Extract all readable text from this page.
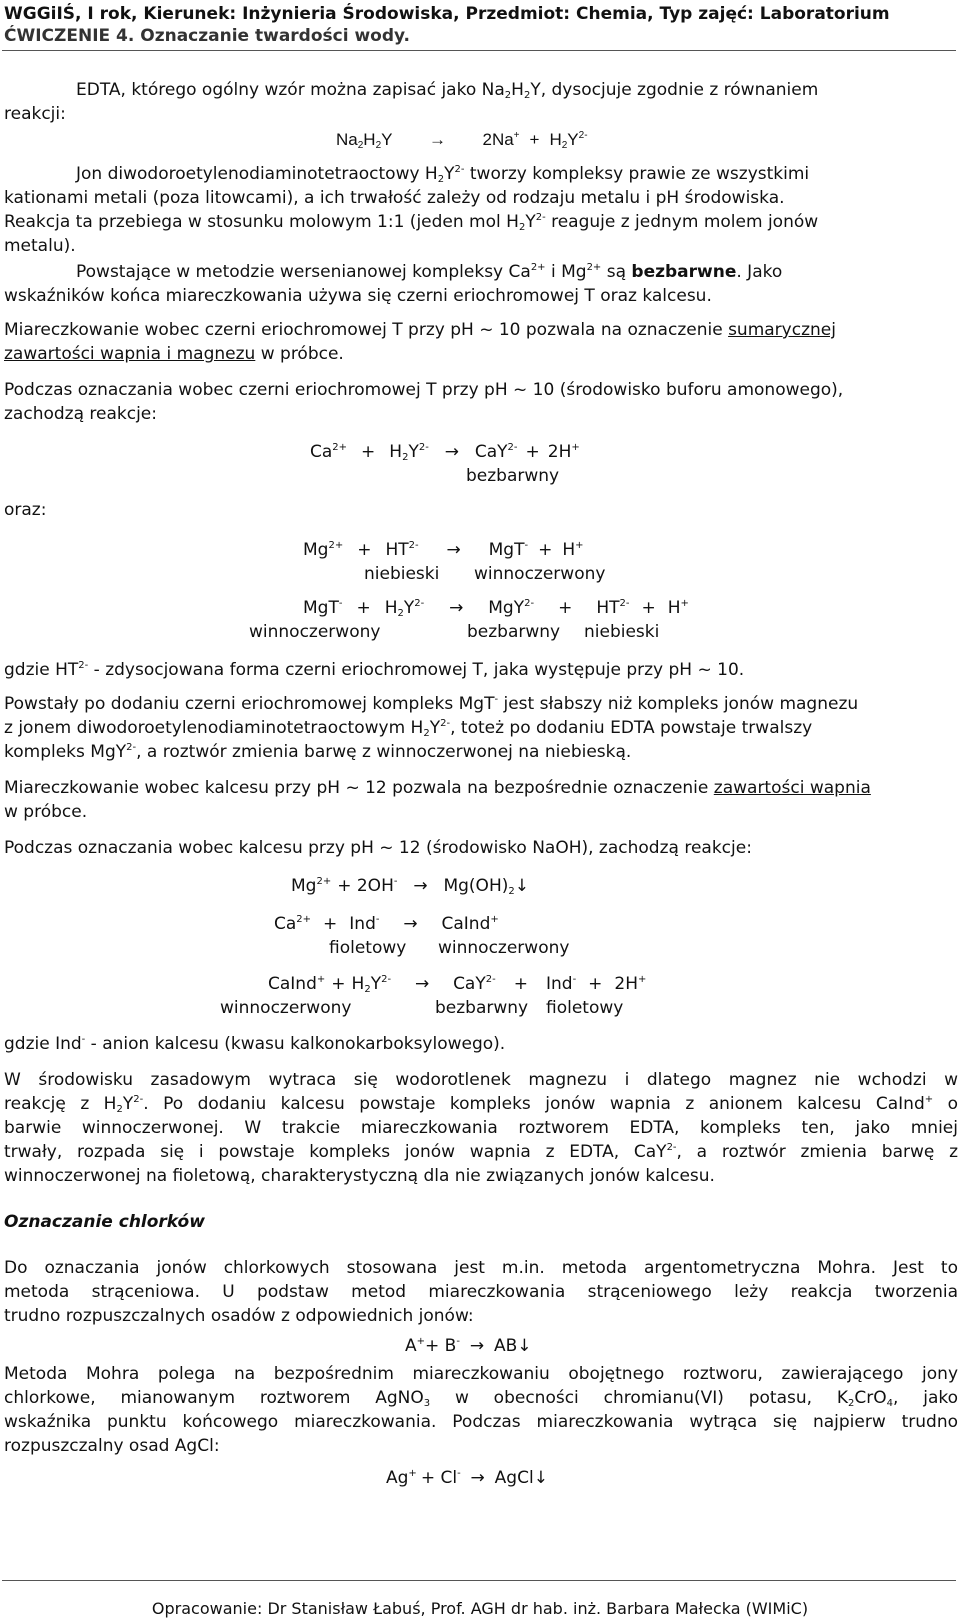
WGGiIŚ, I rok, Kierunek: Inżynieria Środowiska, Przedmiot: Chemia, Typ zajęć: Laboratorium
ĆWICZENIE 4. Oznaczanie twardości wody.
EDTA, którego ogólny wzór można zapisać jako $Na_2H_2Y$, dysocjuje zgodnie z równaniem
reakcji:
$Na_2H_2Y \to 2Na^+ + H_2Y^{2-}$
Jon diwodoroetylenodiaminotetraoctowy $H_2Y^{2-}$ tworzy kompleksy prawie ze wszystkimi
kationami metali (poza litowcami), a ich trwałość zależy od rodzaju metalu i pH środowiska.
Reakcja ta przebiega w stosunku molowym 1:1 (jeden mol $H_2Y^{2-}$ reaguje z jednym molem jonów
metalu).
Powstające w metodzie wersenianowej kompleksy $Ca^{2+}$ i $Mg^{2+}$ są bezbarwne. Jako
wskaźników końca miareczkowania używa się czerni eriochromowej T oraz kalcesu.
Miareczkowanie wobec czerni eriochromowej T przy pH ~ 10 pozwala na oznaczenie sumarycznej
zawartości wapnia i magnezu w próbce.
Podczas oznaczania wobec czerni eriochromowej T przy pH ~ 10 (środowisko buforu amonowego),
zachodzą reakcje:
oraz:
$Ca^{2+} + H_2Y^{2-} \to CaY^{2-} + 2H^+$
bezbarwny
$Mg^{2+} + HT^{2-} \to MgT^- + H^+$
niebieski winnoczerwony
$MgT^- + H_2Y^{2-} \to MgY^{2-} + HT^{2-} + H^+$
winnoczerwony	bezbarwny niebieski
gdzie $HT^{2-}$ - zdysocjowana forma czerni eriochromowej T, jaka występuje przy pH ~ 10.
Powstały po dodaniu czerni eriochromowej kompleks MgT- jest słabszy niż kompleks jonów magnezu
z jonem diwodoroetylenodiaminotetraoctowym $H_2Y^{2-}$, toteż po dodaniu EDTA powstaje trwalszy
kompleks MgY$^{2-}$, a roztwór zmienia barwę z winnoczerwonej na niebieską.
Miareczkowanie wobec kalcesu przy pH ~ 12 pozwala na bezpośrednie oznaczenie zawartości wapnia
w próbce.
Podczas oznaczania wobec kalcesu przy pH ~ 12 (środowisko NaOH), zachodzą reakcje:
$Mg^{2+} + 2OH^-$ → $Mg(OH)_2↓$
$Ca^{2+} + Ind^-$ → CaInd+
fioletowy winnoczerwony
CaInd+ + $H_2Y^{2-} \to CaY^{2-} + Ind^- + 2H^+$
winnoczerwony	bezbarwny fioletowy
gdzie Ind- - anion kalcesu (kwasu kalkonokarboksylowego).
W środowisku zasadowym wytraca się wodorotlenek magnezu i dlatego magnez nie wchodzi w
reakcję z $H_2Y^{2-}$. Po dodaniu kalcesu powstaje kompleks jonów wapnia z anionem kalcesu CaInd+ o
barwie winnoczerwonej. W trakcie miareczkowania roztworem EDTA, kompleks ten, jako mniej
trwały, rozpada się i powstaje kompleks jonów wapnia z EDTA, CaY$^{2-}$, a roztwór zmienia barwę z
winnoczerwonej na fioletową, charakterystyczną dla nie związanych jonów kalcesu.
Oznaczanie chlorków
Do oznaczania jonów chlorkowych stosowana jest m.in. metoda argentometryczna Mohra. Jest to
metoda strąceniowa. U podstaw metod miareczkowania strąceniowego leży reakcja tworzenia
trudno rozpuszczalnych osadów z odpowiednich jonów:
A++ B- → AB↓
Metoda Mohra polega na bezpośrednim miareczkowaniu obojętnego roztworu, zawierającego jony
chlorkowe, mianowanym roztworem AgNO$_3$ w obecności chromianu(VI) potasu, $K_2CrO_4$, jako
wskaźnika punktu końcowego miareczkowania. Podczas miareczkowania wytrąca się najpierw trudno
rozpuszczalny osad AgCl:
Ag+ + Cl- → AgCl↓
Opracowanie: Dr Stanisław Łabuś, Prof. AGH dr hab. inż. Barbara Małecka (WIMiC)
